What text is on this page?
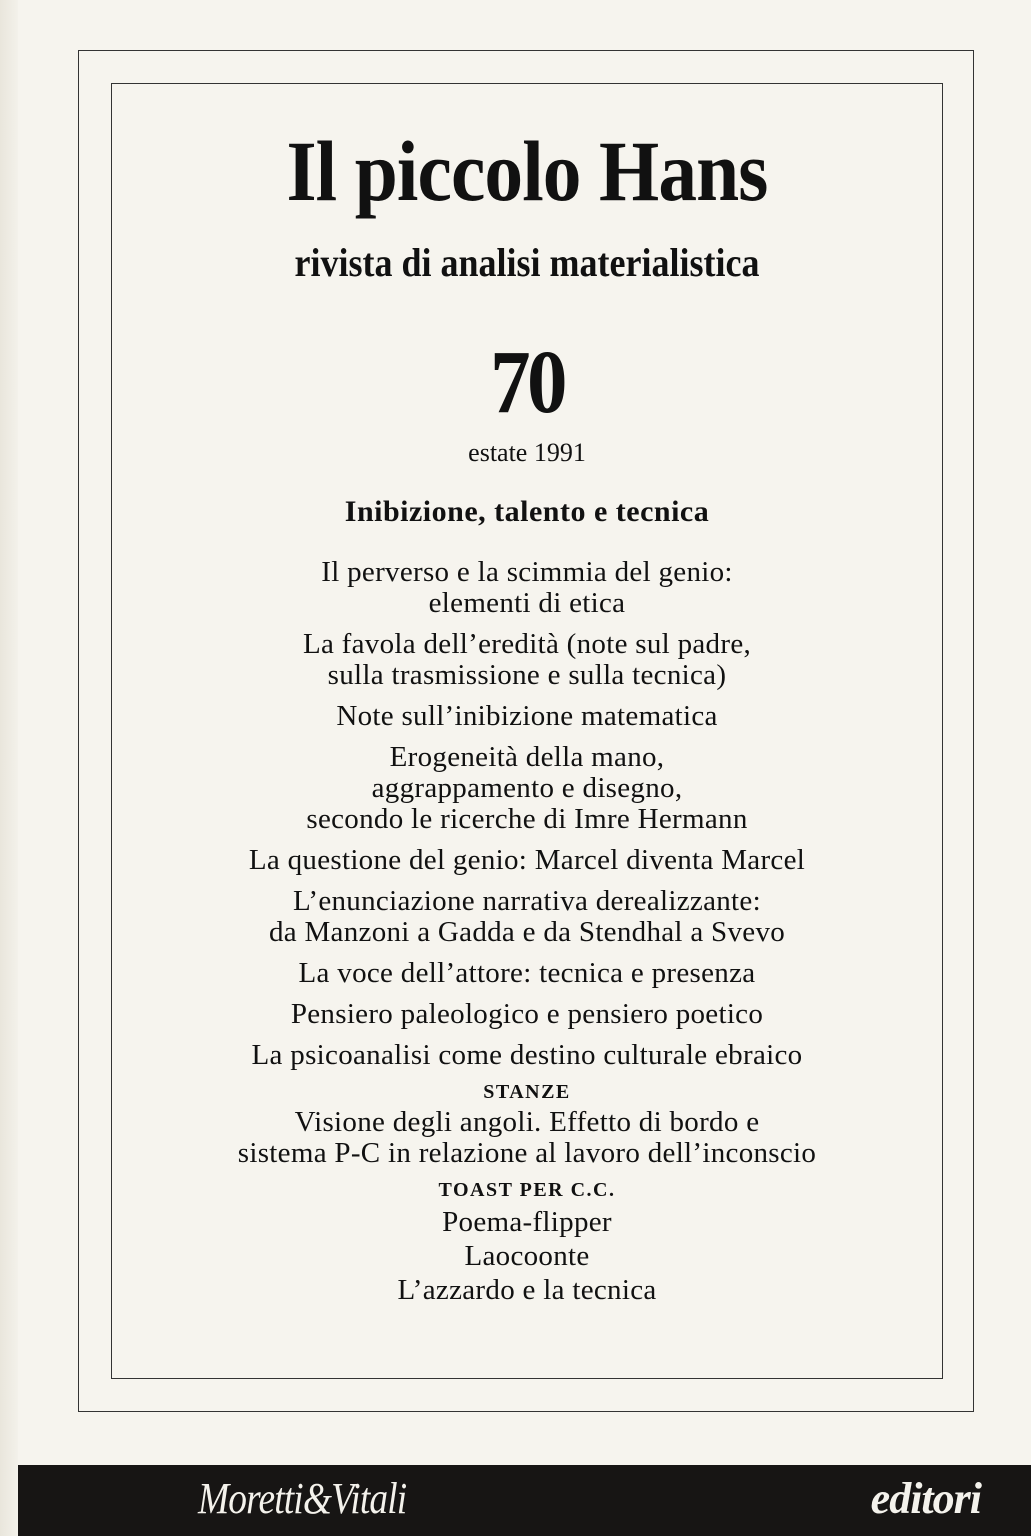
Il piccolo Hans
rivista di analisi materialistica
70
estate 1991
Inibizione, talento e tecnica
Il perverso e la scimmia del genio:
elementi di etica
La favola dell’eredità (note sul padre,
sulla trasmissione e sulla tecnica)
Note sull’inibizione matematica
Erogeneità della mano,
aggrappamento e disegno,
secondo le ricerche di Imre Hermann
La questione del genio: Marcel diventa Marcel
L’enunciazione narrativa derealizzante:
da Manzoni a Gadda e da Stendhal a Svevo
La voce dell’attore: tecnica e presenza
Pensiero paleologico e pensiero poetico
La psicoanalisi come destino culturale ebraico
STANZE
Visione degli angoli. Effetto di bordo e
sistema P-C in relazione al lavoro dell’inconscio
TOAST PER C.C.
Poema-flipper
Laocoonte
L’azzardo e la tecnica
Moretti&Vitali	editori
